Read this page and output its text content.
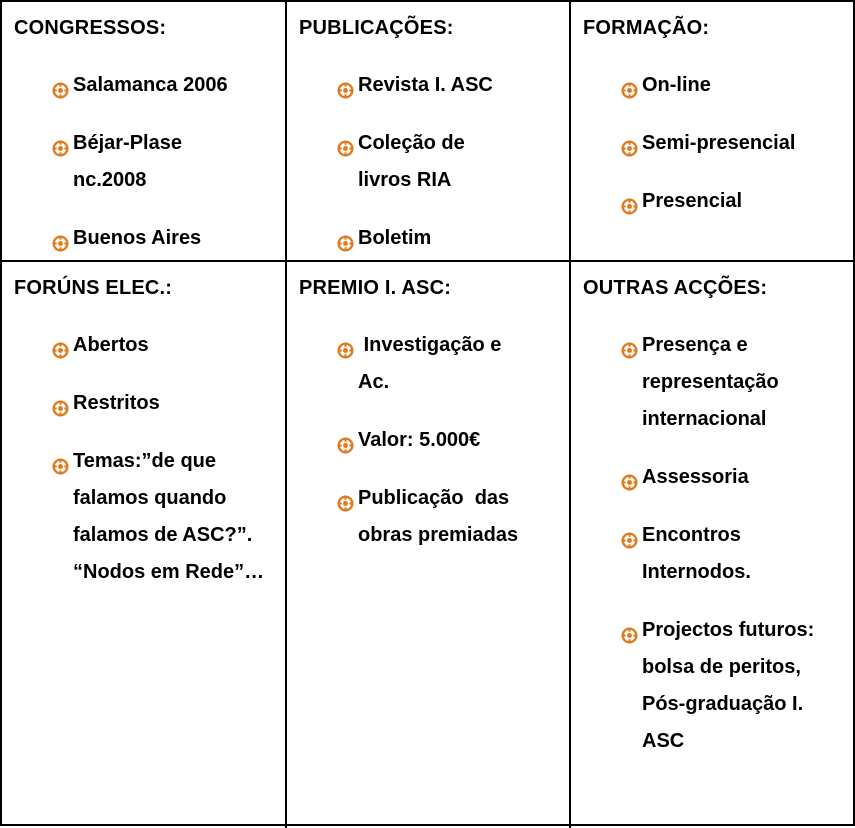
CONGRESSOS:
Salamanca 2006
Béjar-Plasenc.2008
Buenos Aires
PUBLICAÇÕES:
Revista I. ASC
Coleção de livros RIA
Boletim
FORMAÇÃO:
On-line
Semi-presencial
Presencial
FORÚNS ELEC.:
Abertos
Restritos
Temas:”de que falamos quando falamos de ASC?”. “Nodos em Rede”…
PREMIO I. ASC:
Investigação e Ac.
Valor: 5.000€
Publicação  das obras premiadas
OUTRAS ACÇÕES:
Presença e representação internacional
Assessoria
Encontros Internodos.
Projectos futuros: bolsa de peritos, Pós-graduação I. ASC
